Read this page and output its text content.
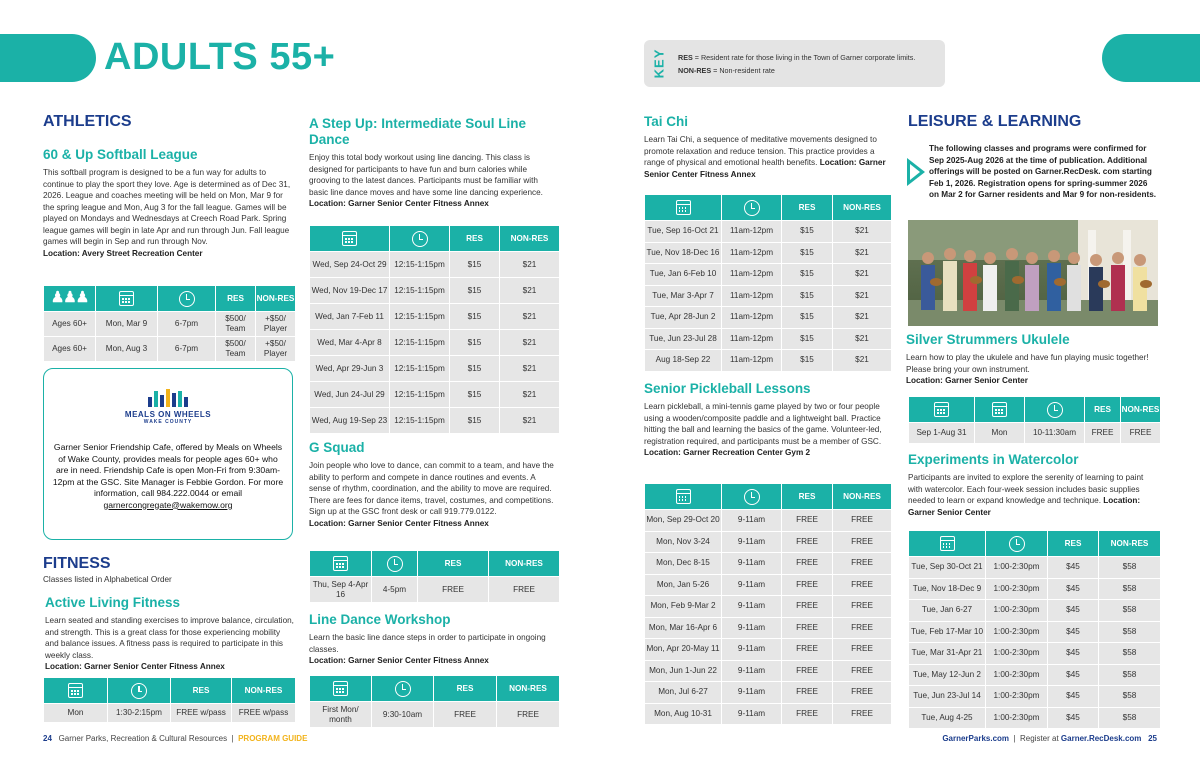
ADULTS 55+	KEY RES = Resident rate for those living in the Town of Garner corporate limits.
NON-RES = Non-resident rate
ATHLETICS
60 & Up Softball League
This softball program is designed to be a fun way for adults to continue to play the sport they love. Age is determined as of Dec 31, 2026. League and coaches meeting will be held on Mon, Mar 9 for the spring league and Mon, Aug 3 for the fall league. Games will be played on Mondays and Wednesdays at Creech Road Park. Spring league games will begin in late Apr and run through Jun. Fall league games will begin in Sep and run through Nov.
Location: Avery Street Recreation Center
♟♟♟			RES	NON-RES
Ages 60+	Mon, Mar 9	6-7pm	$500/ Team	+$50/ Player
Ages 60+	Mon, Aug 3	6-7pm	$500/ Team	+$50/ Player
MEALS ON WHEELS
WAKE COUNTY
Garner Senior Friendship Cafe, offered by Meals on Wheels of Wake County, provides meals for people ages 60+ who are in need. Friendship Cafe is open Mon-Fri from 9:30am-12pm at the GSC. Site Manager is Febbie Gordon. For more information, call 984.222.0044 or email
garnercongregate@wakemow.org
FITNESS
Classes listed in Alphabetical Order
Active Living Fitness
Learn seated and standing exercises to improve balance, circulation, and strength. This is a great class for those experiencing mobility and balance issues. A fitness pass is required to participate in this weekly class.
Location: Garner Senior Center Fitness Annex
		RES	NON-RES
Mon	1:30-2:15pm	FREE w/pass	FREE w/pass
A Step Up: Intermediate Soul Line Dance
Enjoy this total body workout using line dancing. This class is designed for participants to have fun and burn calories while grooving to the latest dances. Participants must be familiar with basic line dance moves and have some line dancing experience. Location: Garner Senior Center Fitness Annex
		RES	NON-RES
Wed, Sep 24-Oct 29	12:15-1:15pm	$15	$21
Wed, Nov 19-Dec 17	12:15-1:15pm	$15	$21
Wed, Jan 7-Feb 11	12:15-1:15pm	$15	$21
Wed, Mar 4-Apr 8	12:15-1:15pm	$15	$21
Wed, Apr 29-Jun 3	12:15-1:15pm	$15	$21
Wed, Jun 24-Jul 29	12:15-1:15pm	$15	$21
Wed, Aug 19-Sep 23	12:15-1:15pm	$15	$21
G Squad
Join people who love to dance, can commit to a team, and have the ability to perform and compete in dance routines and events. A sense of rhythm, coordination, and the ability to move are required. There are fees for dance items, travel, costumes, and competitions. Sign up at the GSC front desk or call 919.779.0122.
Location: Garner Senior Center Fitness Annex
		RES	NON-RES
Thu, Sep 4-Apr 16	4-5pm	FREE	FREE
Line Dance Workshop
Learn the basic line dance steps in order to participate in ongoing classes.
Location: Garner Senior Center Fitness Annex
		RES	NON-RES
First Mon/ month	9:30-10am	FREE	FREE
Tai Chi
Learn Tai Chi, a sequence of meditative movements designed to promote relaxation and reduce tension. This practice provides a range of physical and emotional health benefits. Location: Garner Senior Center Fitness Annex
		RES	NON-RES
Tue, Sep 16-Oct 21	11am-12pm	$15	$21
Tue, Nov 18-Dec 16	11am-12pm	$15	$21
Tue, Jan 6-Feb 10	11am-12pm	$15	$21
Tue, Mar 3-Apr 7	11am-12pm	$15	$21
Tue, Apr 28-Jun 2	11am-12pm	$15	$21
Tue, Jun 23-Jul 28	11am-12pm	$15	$21
Aug 18-Sep 22	11am-12pm	$15	$21
Senior Pickleball Lessons
Learn pickleball, a mini-tennis game played by two or four people using a wooden/composite paddle and a lightweight ball. Practice hitting the ball and learning the basics of the game. Volunteer-led, registration required, and participants must be a member of GSC.
Location: Garner Recreation Center Gym 2
		RES	NON-RES
Mon, Sep 29-Oct 20	9-11am	FREE	FREE
Mon, Nov 3-24	9-11am	FREE	FREE
Mon, Dec 8-15	9-11am	FREE	FREE
Mon, Jan 5-26	9-11am	FREE	FREE
Mon, Feb 9-Mar 2	9-11am	FREE	FREE
Mon, Mar 16-Apr 6	9-11am	FREE	FREE
Mon, Apr 20-May 11	9-11am	FREE	FREE
Mon, Jun 1-Jun 22	9-11am	FREE	FREE
Mon, Jul 6-27	9-11am	FREE	FREE
Mon, Aug 10-31	9-11am	FREE	FREE
LEISURE & LEARNING
The following classes and programs were confirmed for Sep 2025-Aug 2026 at the time of publication. Additional offerings will be posted on Garner.RecDesk. com starting Feb 1, 2026. Registration opens for spring-summer 2026 on Mar 2 for Garner residents and Mar 9 for non-residents.
Silver Strummers Ukulele
Learn how to play the ukulele and have fun playing music together! Please bring your own instrument.
Location: Garner Senior Center
			RES	NON-RES
Sep 1-Aug 31	Mon	10-11:30am	FREE	FREE
Experiments in Watercolor
Participants are invited to explore the serenity of learning to paint with watercolor. Each four-week session includes basic supplies needed to learn or expand knowledge and technique. Location: Garner Senior Center
		RES	NON-RES
Tue, Sep 30-Oct 21	1:00-2:30pm	$45	$58
Tue, Nov 18-Dec 9	1:00-2:30pm	$45	$58
Tue, Jan 6-27	1:00-2:30pm	$45	$58
Tue, Feb 17-Mar 10	1:00-2:30pm	$45	$58
Tue, Mar 31-Apr 21	1:00-2:30pm	$45	$58
Tue, May 12-Jun 2	1:00-2:30pm	$45	$58
Tue, Jun 23-Jul 14	1:00-2:30pm	$45	$58
Tue, Aug 4-25	1:00-2:30pm	$45	$58
24 Garner Parks, Recreation & Cultural Resources | PROGRAM GUIDE	GarnerParks.com | Register at Garner.RecDesk.com 25
